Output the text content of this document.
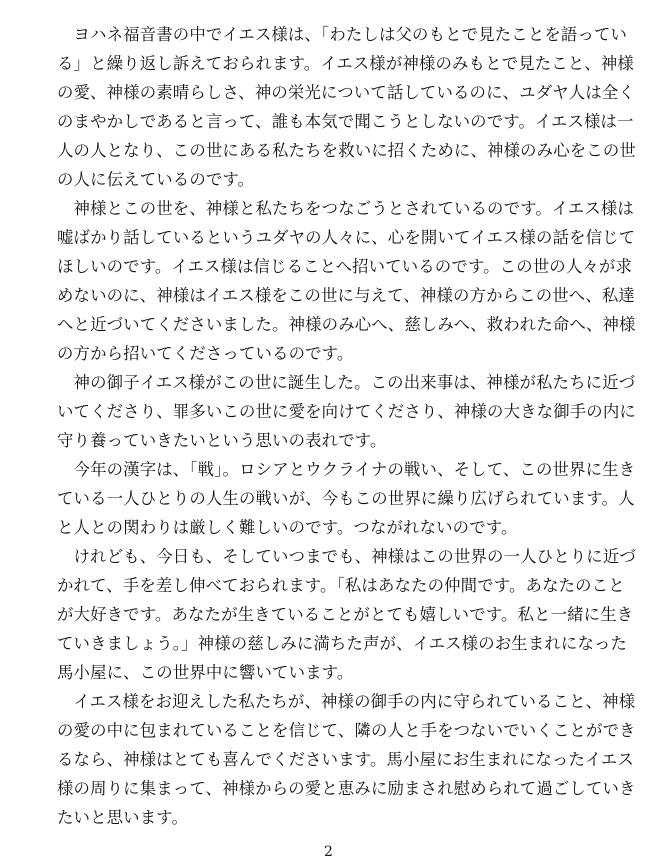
　ヨハネ福音書の中でイエス様は、「わたしは父のもとで見たことを語ってい
る」と繰り返し訴えておられます。イエス様が神様のみもとで見たこと、神様
の愛、神様の素晴らしさ、神の栄光について話しているのに、ユダヤ人は全く
のまやかしであると言って、誰も本気で聞こうとしないのです。イエス様は一
人の人となり、この世にある私たちを救いに招くために、神様のみ心をこの世
の人に伝えているのです。

　神様とこの世を、神様と私たちをつなごうとされているのです。イエス様は
嘘ばかり話しているというユダヤの人々に、心を開いてイエス様の話を信じて
ほしいのです。イエス様は信じることへ招いているのです。この世の人々が求
めないのに、神様はイエス様をこの世に与えて、神様の方からこの世へ、私達
へと近づいてくださいました。神様のみ心へ、慈しみへ、救われた命へ、神様
の方から招いてくださっているのです。

　神の御子イエス様がこの世に誕生した。この出来事は、神様が私たちに近づ
いてくださり、罪多いこの世に愛を向けてくださり、神様の大きな御手の内に
守り養っていきたいという思いの表れです。

　今年の漢字は、「戦」。ロシアとウクライナの戦い、そして、この世界に生き
ている一人ひとりの人生の戦いが、今もこの世界に繰り広げられています。人
と人との関わりは厳しく難しいのです。つながれないのです。

　けれども、今日も、そしていつまでも、神様はこの世界の一人ひとりに近づ
かれて、手を差し伸べておられます。「私はあなたの仲間です。あなたのこと
が大好きです。あなたが生きていることがとても嬉しいです。私と一緒に生き
ていきましょう。」神様の慈しみに満ちた声が、イエス様のお生まれになった
馬小屋に、この世界中に響いています。

　イエス様をお迎えした私たちが、神様の御手の内に守られていること、神様
の愛の中に包まれていることを信じて、隣の人と手をつないでいくことができ
るなら、神様はとても喜んでくださいます。馬小屋にお生まれになったイエス
様の周りに集まって、神様からの愛と恵みに励まされ慰められて過ごしていき
たいと思います。

2
